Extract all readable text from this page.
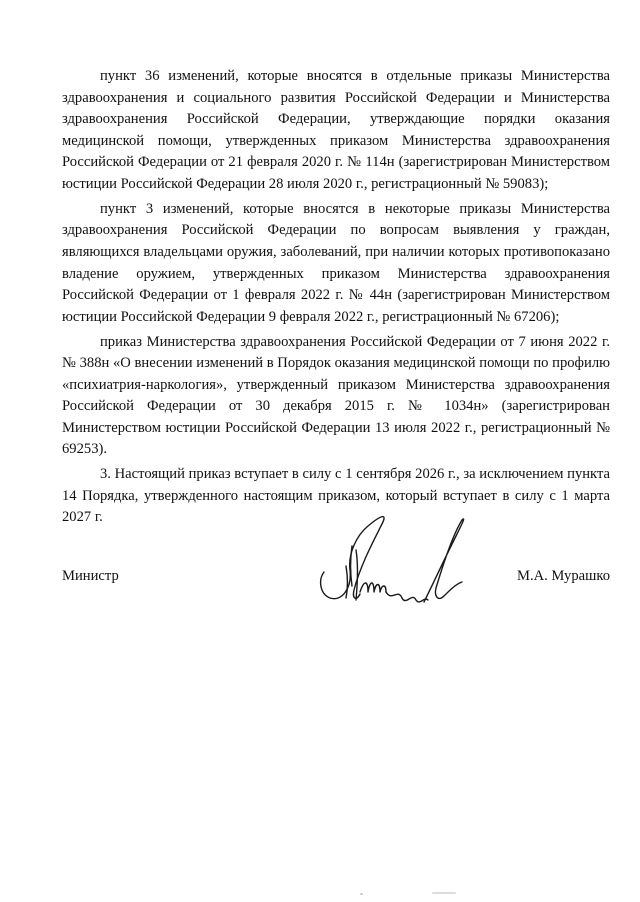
пункт 36 изменений, которые вносятся в отдельные приказы Министерства здравоохранения и социального развития Российской Федерации и Министерства здравоохранения Российской Федерации, утверждающие порядки оказания медицинской помощи, утвержденных приказом Министерства здравоохранения Российской Федерации от 21 февраля 2020 г. № 114н (зарегистрирован Министерством юстиции Российской Федерации 28 июля 2020 г., регистрационный № 59083);

пункт 3 изменений, которые вносятся в некоторые приказы Министерства здравоохранения Российской Федерации по вопросам выявления у граждан, являющихся владельцами оружия, заболеваний, при наличии которых противопоказано владение оружием, утвержденных приказом Министерства здравоохранения Российской Федерации от 1 февраля 2022 г. № 44н (зарегистрирован Министерством юстиции Российской Федерации 9 февраля 2022 г., регистрационный № 67206);

приказ Министерства здравоохранения Российской Федерации от 7 июня 2022 г. № 388н «О внесении изменений в Порядок оказания медицинской помощи по профилю «психиатрия-наркология», утвержденный приказом Министерства здравоохранения Российской Федерации от 30 декабря 2015 г. № 1034н» (зарегистрирован Министерством юстиции Российской Федерации 13 июля 2022 г., регистрационный № 69253).

3. Настоящий приказ вступает в силу с 1 сентября 2026 г., за исключением пункта 14 Порядка, утвержденного настоящим приказом, который вступает в силу с 1 марта 2027 г.

Министр	М.А. Мурашко
